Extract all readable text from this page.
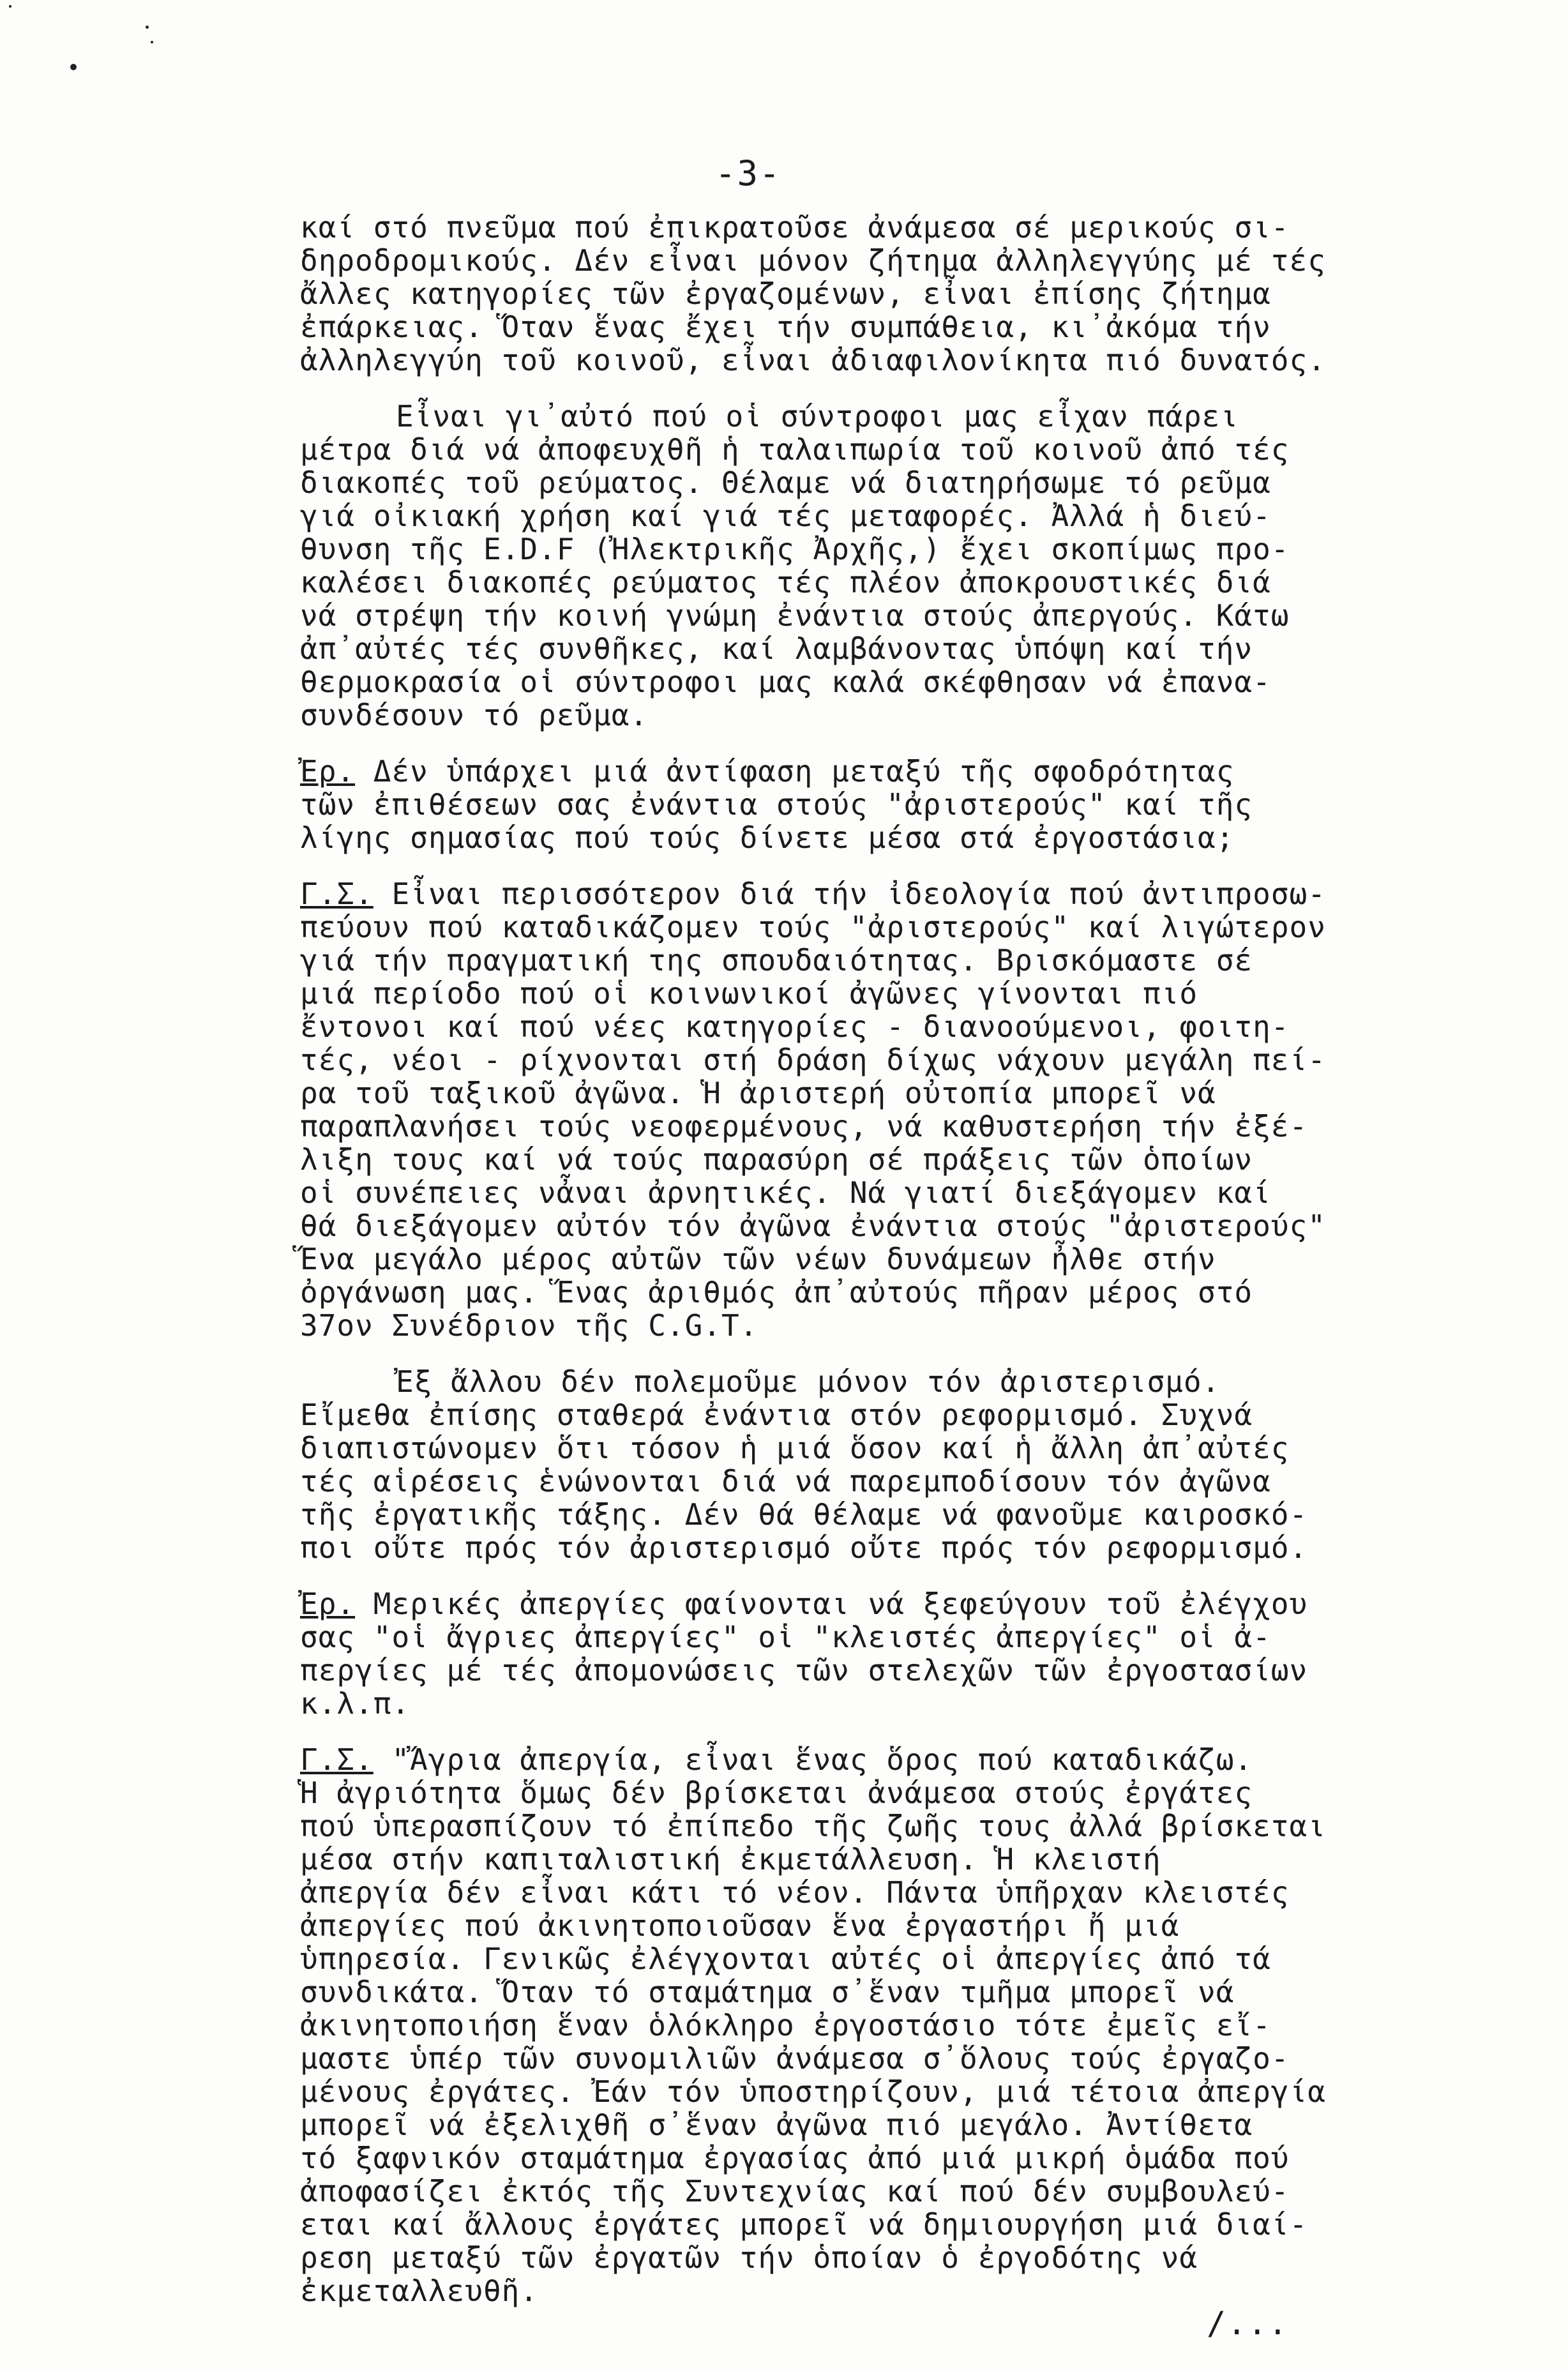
-3-
καί στό πνεῦμα πού ἐπικρατοῦσε ἀνάμεσα σέ μερικούς σι-
δηροδρομικούς. Δέν εἶναι μόνον ζήτημα ἀλληλεγγύης μέ τές
ἄλλες κατηγορίες τῶν ἐργαζομένων, εἶναι ἐπίσης ζήτημα
ἐπάρκειας. Ὅταν ἕνας ἔχει τήν συμπάθεια, κι᾽ἀκόμα τήν
ἀλληλεγγύη τοῦ κοινοῦ, εἶναι ἀδιαφιλονίκητα πιό δυνατός.
Εἶναι γι᾽αὐτό πού οἱ σύντροφοι μας εἶχαν πάρει
μέτρα διά νά ἀποφευχθῆ ἡ ταλαιπωρία τοῦ κοινοῦ ἀπό τές
διακοπές τοῦ ρεύματος. Θέλαμε νά διατηρήσωμε τό ρεῦμα
γιά οἰκιακή χρήση καί γιά τές μεταφορές. Ἀλλά ἡ διεύ-
θυνση τῆς E.D.F (Ἠλεκτρικῆς Ἀρχῆς,) ἔχει σκοπίμως προ-
καλέσει διακοπές ρεύματος τές πλέον ἀποκρουστικές διά
νά στρέψη τήν κοινή γνώμη ἐνάντια στούς ἀπεργούς. Κάτω
ἀπ᾽αὐτές τές συνθῆκες, καί λαμβάνοντας ὑπόψη καί τήν
θερμοκρασία οἱ σύντροφοι μας καλά σκέφθησαν νά ἐπανα-
συνδέσουν τό ρεῦμα.
Ἐρ. Δέν ὑπάρχει μιά ἀντίφαση μεταξύ τῆς σφοδρότητας
τῶν ἐπιθέσεων σας ἐνάντια στούς "ἀριστερούς" καί τῆς
λίγης σημασίας πού τούς δίνετε μέσα στά ἐργοστάσια;
Γ.Σ. Εἶναι περισσότερον διά τήν ἰδεολογία πού ἀντιπροσω-
πεύουν πού καταδικάζομεν τούς "ἀριστερούς" καί λιγώτερον
γιά τήν πραγματική της σπουδαιότητας. Βρισκόμαστε σέ
μιά περίοδο πού οἱ κοινωνικοί ἀγῶνες γίνονται πιό
ἔντονοι καί πού νέες κατηγορίες - διανοούμενοι, φοιτη-
τές, νέοι - ρίχνονται στή δράση δίχως νάχουν μεγάλη πεί-
ρα τοῦ ταξικοῦ ἀγῶνα. Ἡ ἀριστερή οὐτοπία μπορεῖ νά
παραπλανήσει τούς νεοφερμένους, νά καθυστερήση τήν ἐξέ-
λιξη τους καί νά τούς παρασύρη σέ πράξεις τῶν ὁποίων
οἱ συνέπειες νἆναι ἀρνητικές. Νά γιατί διεξάγομεν καί
θά διεξάγομεν αὐτόν τόν ἀγῶνα ἐνάντια στούς "ἀριστερούς"
Ἕνα μεγάλο μέρος αὐτῶν τῶν νέων δυνάμεων ἦλθε στήν
ὀργάνωση μας. Ἕνας ἀριθμός ἀπ᾽αὐτούς πῆραν μέρος στό
37ον Συνέδριον τῆς C.G.T.
Ἐξ ἄλλου δέν πολεμοῦμε μόνον τόν ἀριστερισμό.
Εἴμεθα ἐπίσης σταθερά ἐνάντια στόν ρεφορμισμό. Συχνά
διαπιστώνομεν ὅτι τόσον ἡ μιά ὅσον καί ἡ ἄλλη ἀπ᾽αὐτές
τές αἱρέσεις ἑνώνονται διά νά παρεμποδίσουν τόν ἀγῶνα
τῆς ἐργατικῆς τάξης. Δέν θά θέλαμε νά φανοῦμε καιροσκό-
ποι οὔτε πρός τόν ἀριστερισμό οὔτε πρός τόν ρεφορμισμό.
Ἐρ. Μερικές ἀπεργίες φαίνονται νά ξεφεύγουν τοῦ ἐλέγχου
σας "οἱ ἄγριες ἀπεργίες" οἱ "κλειστές ἀπεργίες" οἱ ἀ-
περγίες μέ τές ἀπομονώσεις τῶν στελεχῶν τῶν ἐργοστασίων
κ.λ.π.
Γ.Σ. "Ἄγρια ἀπεργία, εἶναι ἕνας ὅρος πού καταδικάζω.
Ἡ ἀγριότητα ὅμως δέν βρίσκεται ἀνάμεσα στούς ἐργάτες
πού ὑπερασπίζουν τό ἐπίπεδο τῆς ζωῆς τους ἀλλά βρίσκεται
μέσα στήν καπιταλιστική ἐκμετάλλευση. Ἡ κλειστή
ἀπεργία δέν εἶναι κάτι τό νέον. Πάντα ὑπῆρχαν κλειστές
ἀπεργίες πού ἀκινητοποιοῦσαν ἕνα ἐργαστήρι ἤ μιά
ὑπηρεσία. Γενικῶς ἐλέγχονται αὐτές οἱ ἀπεργίες ἀπό τά
συνδικάτα. Ὅταν τό σταμάτημα σ᾽ἕναν τμῆμα μπορεῖ νά
ἀκινητοποιήση ἕναν ὁλόκληρο ἐργοστάσιο τότε ἐμεῖς εἴ-
μαστε ὑπέρ τῶν συνομιλιῶν ἀνάμεσα σ᾽ὅλους τούς ἐργαζο-
μένους ἐργάτες. Ἐάν τόν ὑποστηρίζουν, μιά τέτοια ἀπεργία
μπορεῖ νά ἐξελιχθῆ σ᾽ἕναν ἀγῶνα πιό μεγάλο. Ἀντίθετα
τό ξαφνικόν σταμάτημα ἐργασίας ἀπό μιά μικρή ὁμάδα πού
ἀποφασίζει ἐκτός τῆς Συντεχνίας καί πού δέν συμβουλεύ-
εται καί ἄλλους ἐργάτες μπορεῖ νά δημιουργήση μιά διαί-
ρεση μεταξύ τῶν ἐργατῶν τήν ὁποίαν ὁ ἐργοδότης νά
ἐκμεταλλευθῆ.
/...
